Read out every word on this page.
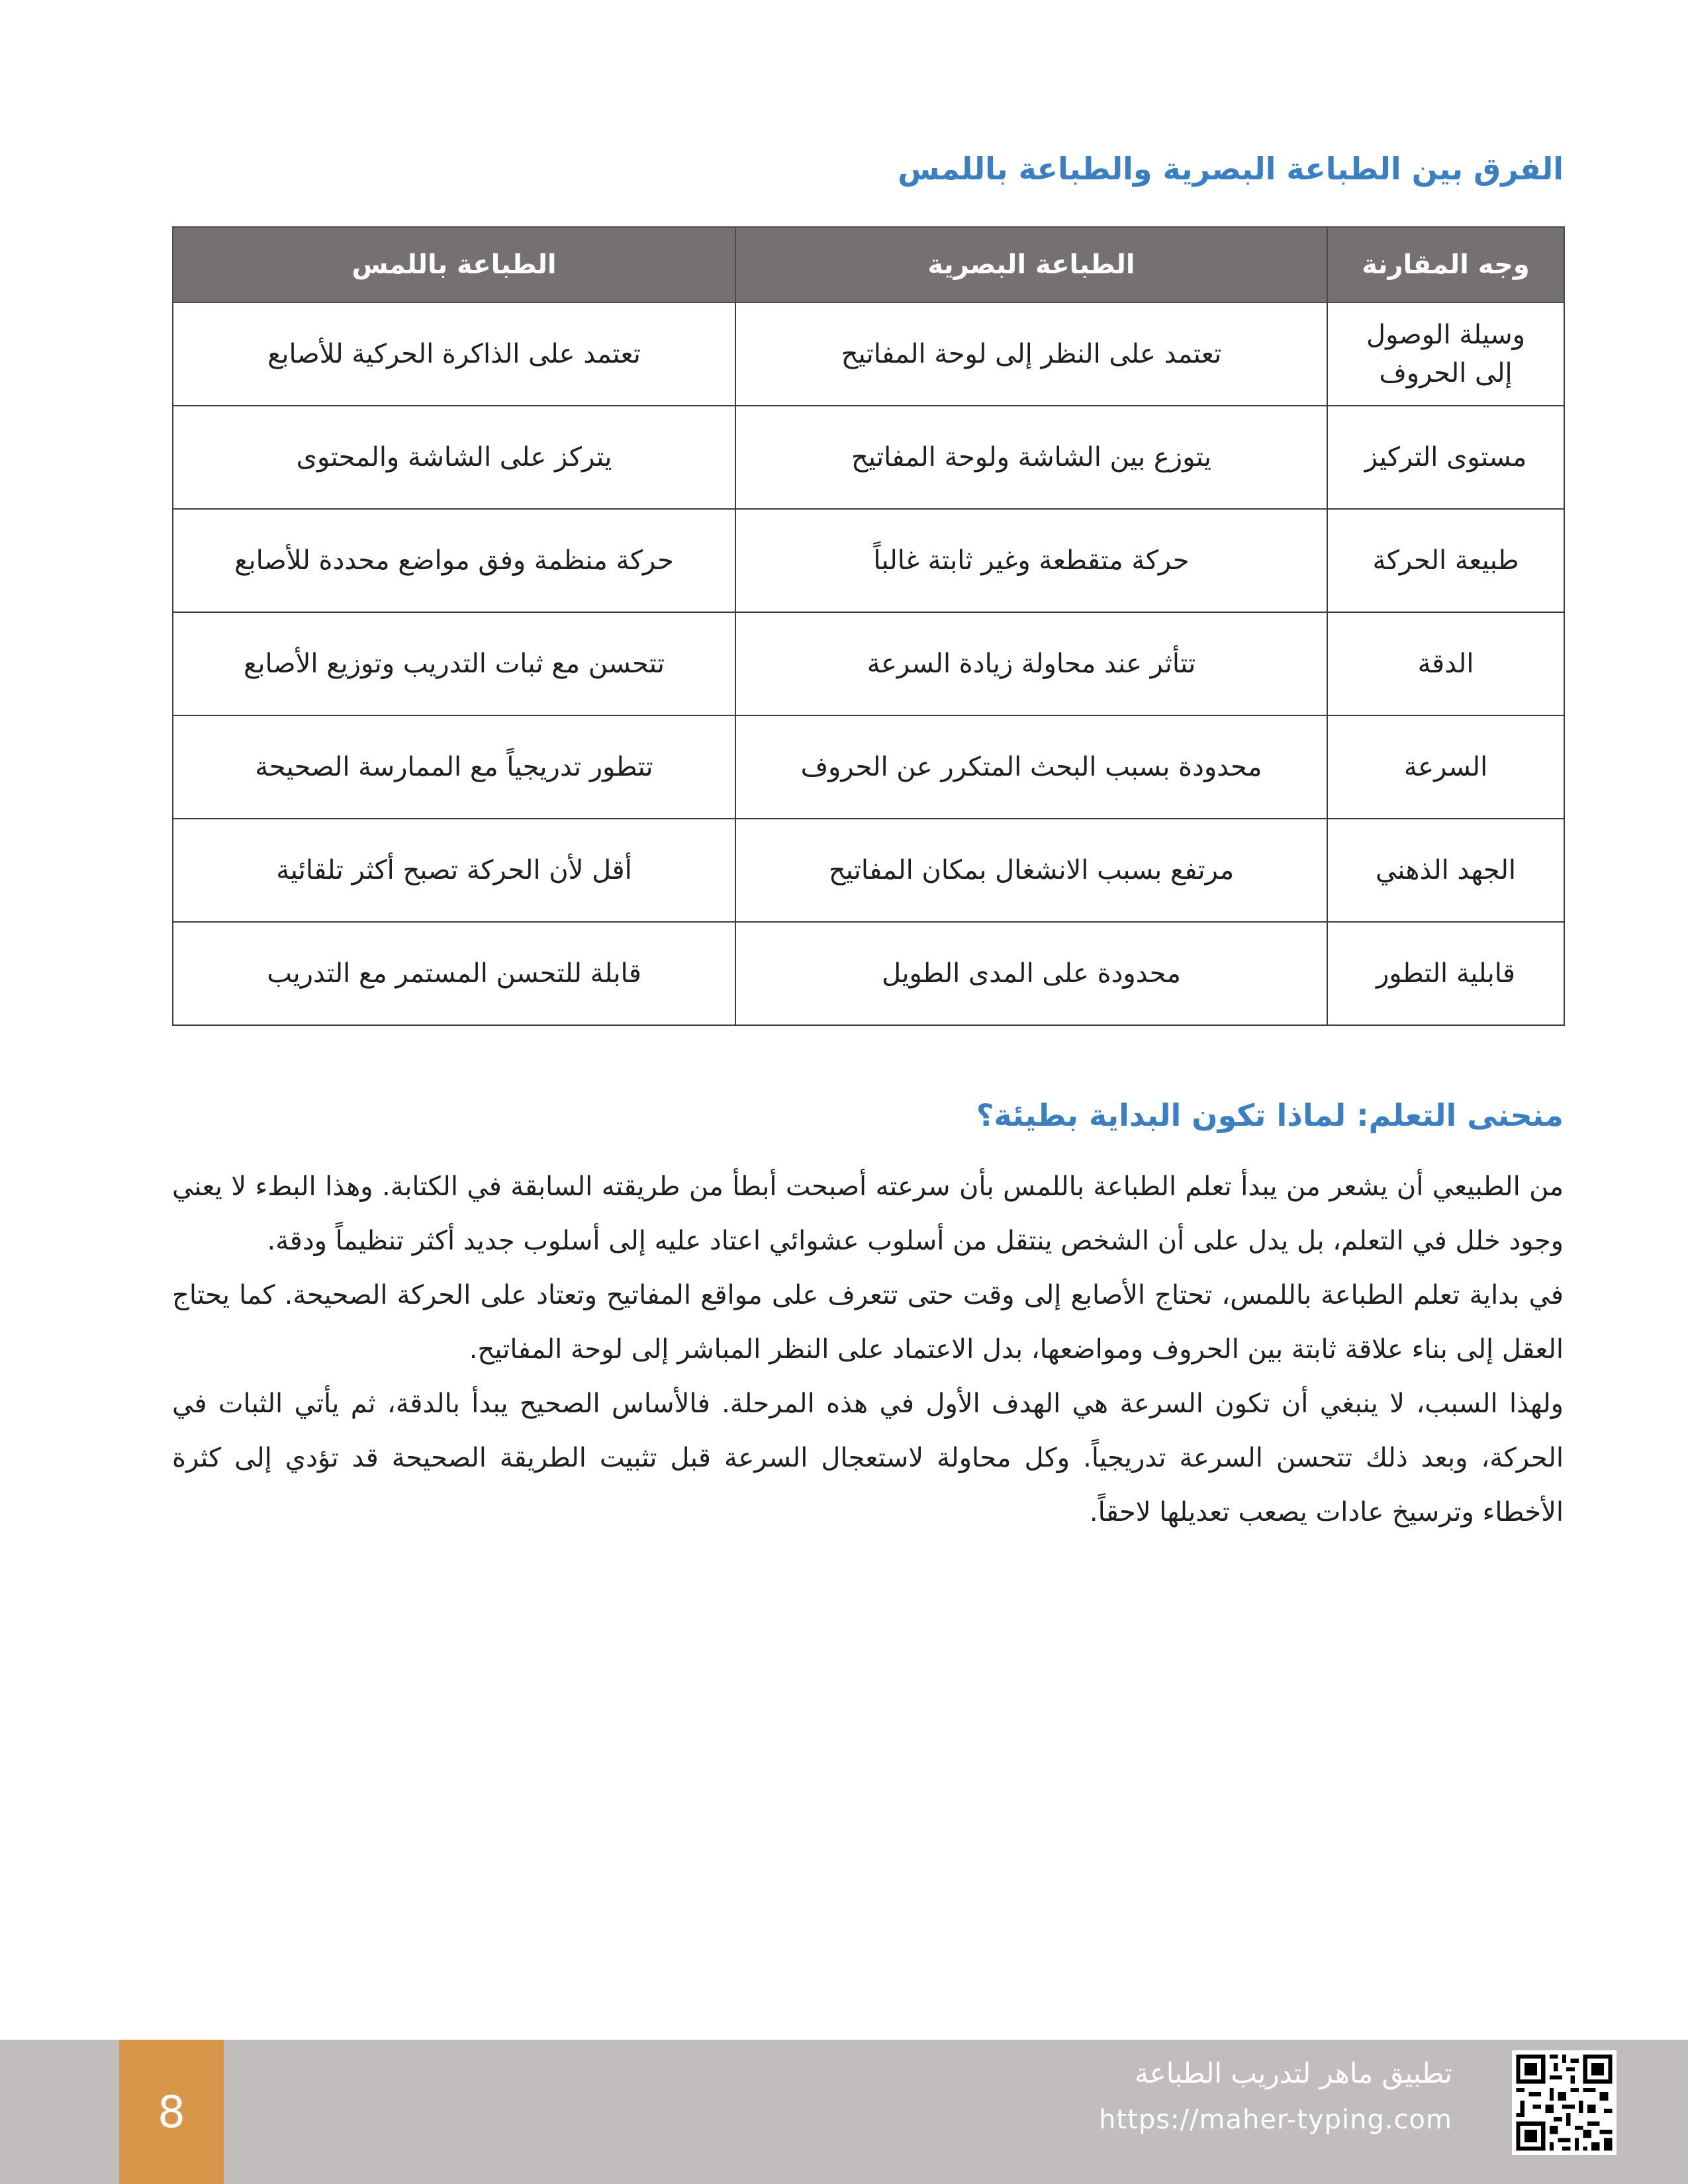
الفرق بين الطباعة البصرية والطباعة باللمس
وجه المقارنة	الطباعة البصرية	الطباعة باللمس
وسيلة الوصول إلى الحروف	تعتمد على النظر إلى لوحة المفاتيح	تعتمد على الذاكرة الحركية للأصابع
مستوى التركيز	يتوزع بين الشاشة ولوحة المفاتيح	يتركز على الشاشة والمحتوى
طبيعة الحركة	حركة متقطعة وغير ثابتة غالباً	حركة منظمة وفق مواضع محددة للأصابع
الدقة	تتأثر عند محاولة زيادة السرعة	تتحسن مع ثبات التدريب وتوزيع الأصابع
السرعة	محدودة بسبب البحث المتكرر عن الحروف	تتطور تدريجياً مع الممارسة الصحيحة
الجهد الذهني	مرتفع بسبب الانشغال بمكان المفاتيح	أقل لأن الحركة تصبح أكثر تلقائية
قابلية التطور	محدودة على المدى الطويل	قابلة للتحسن المستمر مع التدريب
منحنى التعلم: لماذا تكون البداية بطيئة؟

من الطبيعي أن يشعر من يبدأ تعلم الطباعة باللمس بأن سرعته أصبحت أبطأ من طريقته السابقة في الكتابة. وهذا البطء لا يعني وجود خلل في التعلم، بل يدل على أن الشخص ينتقل من أسلوب عشوائي اعتاد عليه إلى أسلوب جديد أكثر تنظيماً ودقة.

في بداية تعلم الطباعة باللمس، تحتاج الأصابع إلى وقت حتى تتعرف على مواقع المفاتيح وتعتاد على الحركة الصحيحة. كما يحتاج العقل إلى بناء علاقة ثابتة بين الحروف ومواضعها، بدل الاعتماد على النظر المباشر إلى لوحة المفاتيح.

ولهذا السبب، لا ينبغي أن تكون السرعة هي الهدف الأول في هذه المرحلة. فالأساس الصحيح يبدأ بالدقة، ثم يأتي الثبات في الحركة، وبعد ذلك تتحسن السرعة تدريجياً. وكل محاولة لاستعجال السرعة قبل تثبيت الطريقة الصحيحة قد تؤدي إلى كثرة الأخطاء وترسيخ عادات يصعب تعديلها لاحقاً.

8
تطبيق ماهر لتدريب الطباعة
https://maher-typing.com
